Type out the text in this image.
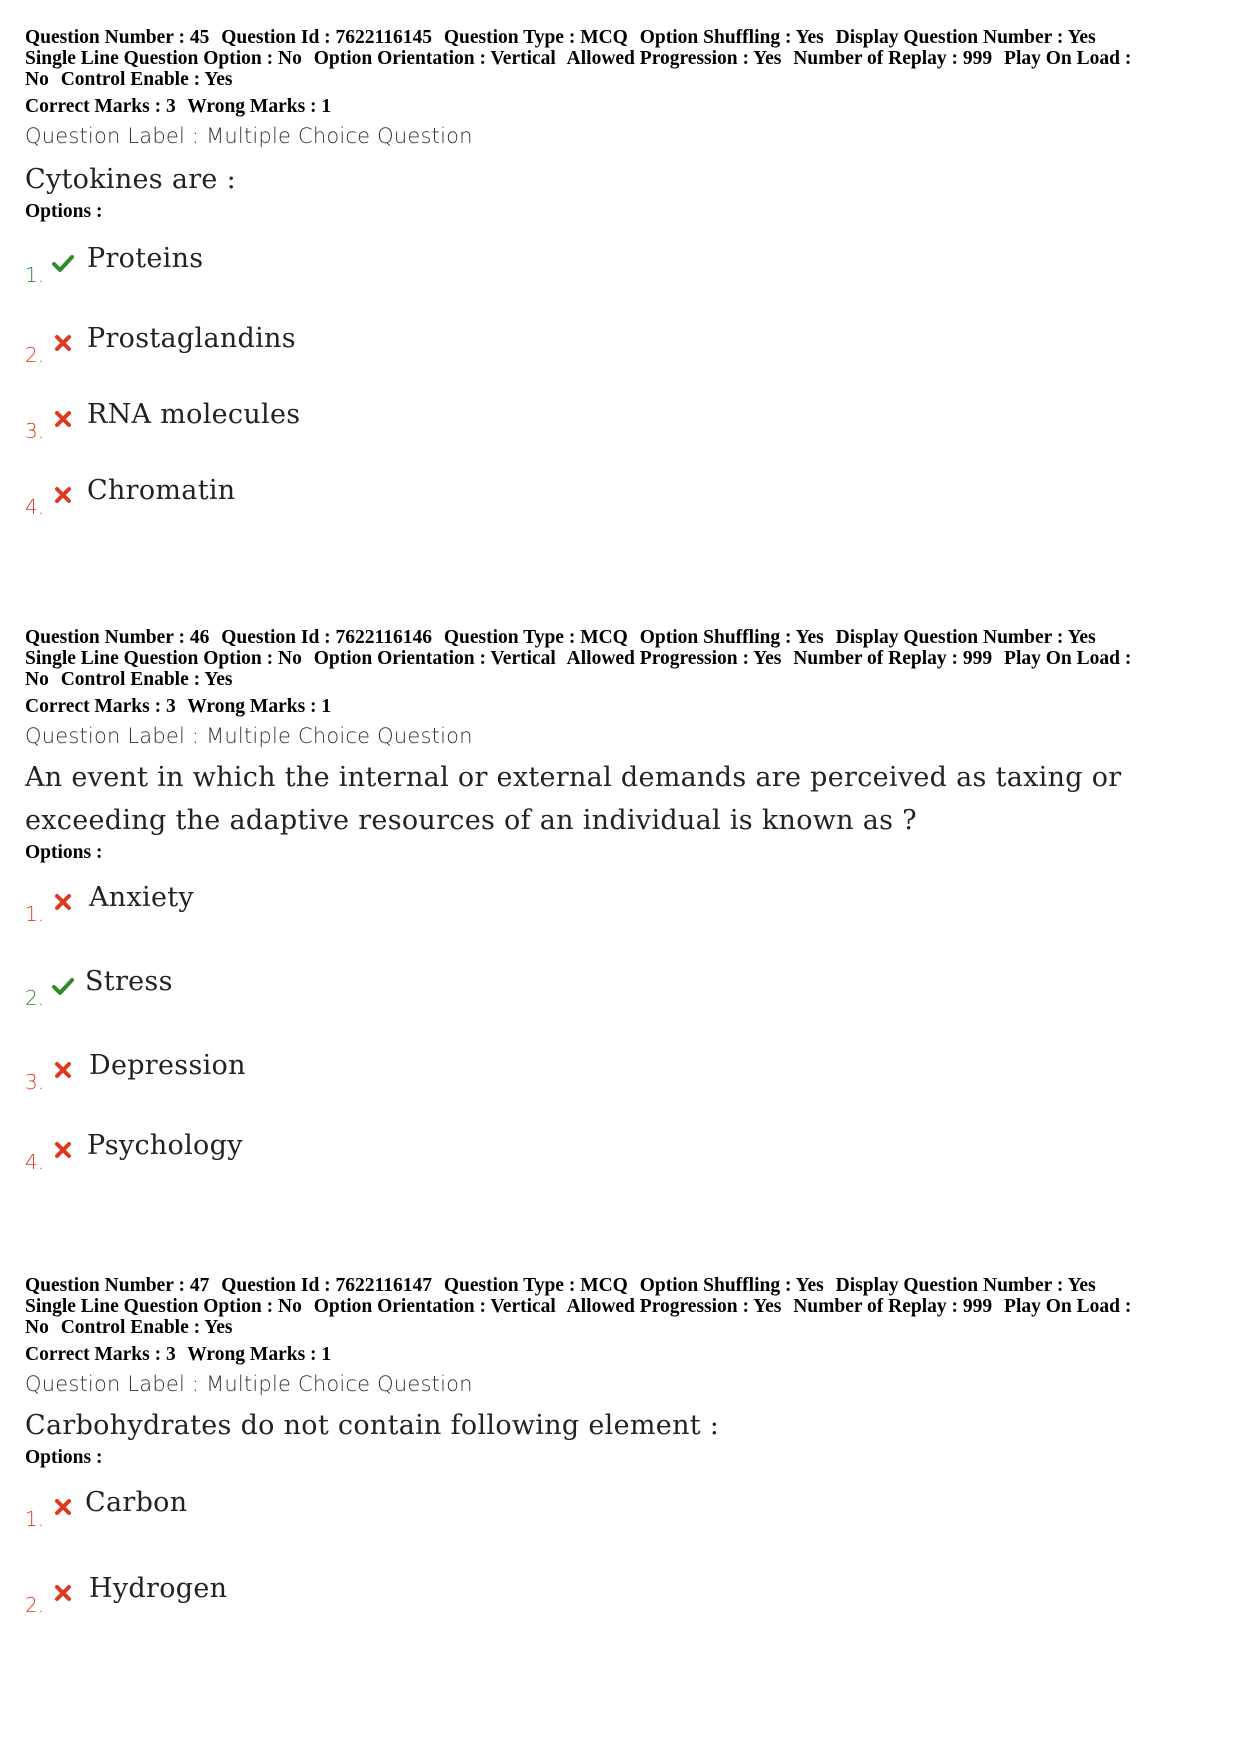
Question Number : 45 Question Id : 7622116145 Question Type : MCQ Option Shuffling : Yes Display Question Number : Yes
Single Line Question Option : No Option Orientation : Vertical Allowed Progression : Yes Number of Replay : 999 Play On Load :
No Control Enable : Yes
Correct Marks : 3 Wrong Marks : 1
Question Label : Multiple Choice Question
Cytokines are :
Options :
1.
Proteins
2.
Prostaglandins
3.
RNA molecules
4.
Chromatin
Question Number : 46 Question Id : 7622116146 Question Type : MCQ Option Shuffling : Yes Display Question Number : Yes
Single Line Question Option : No Option Orientation : Vertical Allowed Progression : Yes Number of Replay : 999 Play On Load :
No Control Enable : Yes
Correct Marks : 3 Wrong Marks : 1
Question Label : Multiple Choice Question
An event in which the internal or external demands are perceived as taxing or
exceeding the adaptive resources of an individual is known as ?
Options :
1.
Anxiety
2.
Stress
3.
Depression
4.
Psychology
Question Number : 47 Question Id : 7622116147 Question Type : MCQ Option Shuffling : Yes Display Question Number : Yes
Single Line Question Option : No Option Orientation : Vertical Allowed Progression : Yes Number of Replay : 999 Play On Load :
No Control Enable : Yes
Correct Marks : 3 Wrong Marks : 1
Question Label : Multiple Choice Question
Carbohydrates do not contain following element :
Options :
1.
Carbon
2.
Hydrogen
